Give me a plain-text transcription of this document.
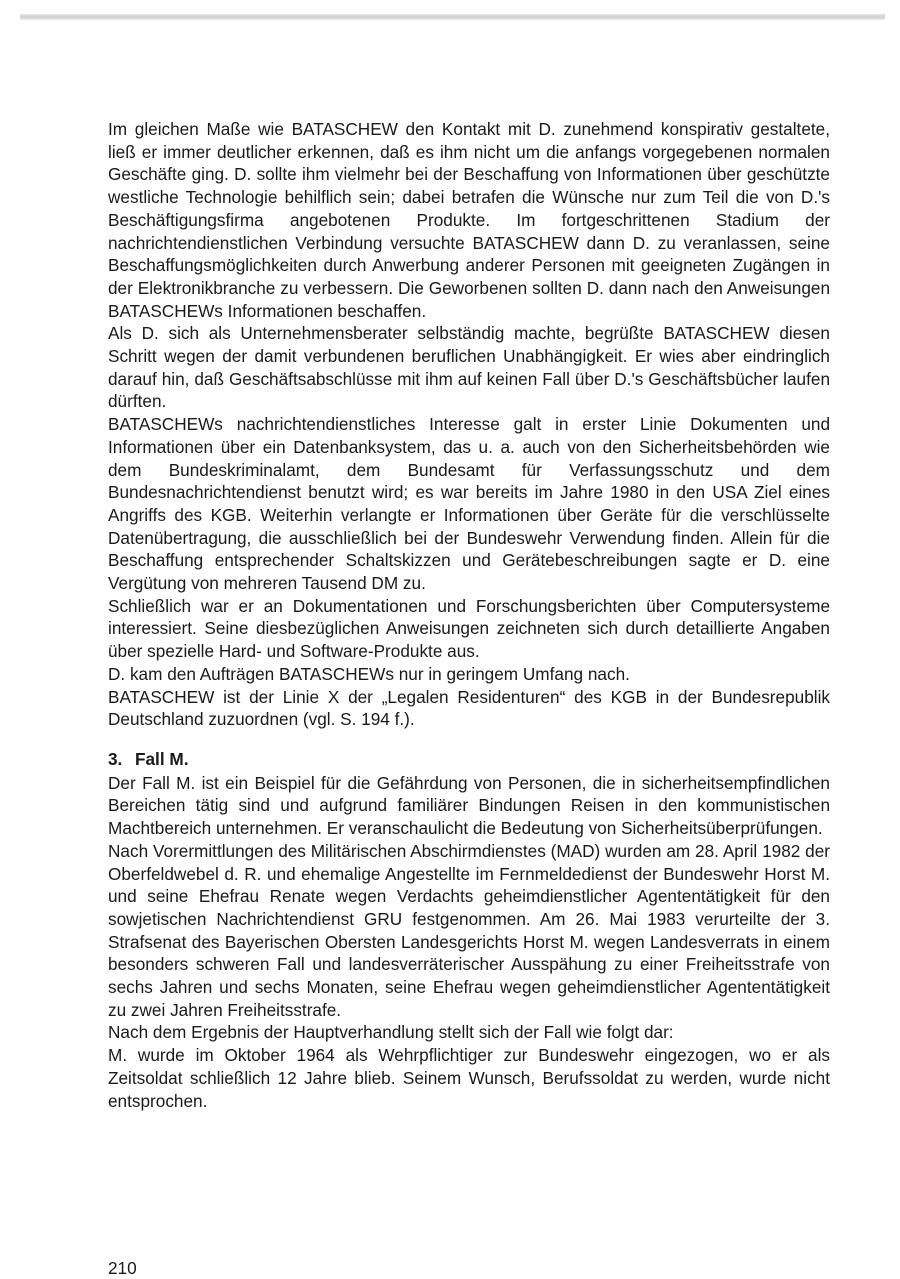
Im gleichen Maße wie BATASCHEW den Kontakt mit D. zunehmend konspirativ gestaltete, ließ er immer deutlicher erkennen, daß es ihm nicht um die anfangs vorgegebenen normalen Geschäfte ging. D. sollte ihm vielmehr bei der Beschaffung von Informationen über geschützte westliche Technologie behilflich sein; dabei betrafen die Wünsche nur zum Teil die von D.'s Beschäftigungsfirma angebotenen Produkte. Im fortgeschrittenen Stadium der nachrichtendienstlichen Verbindung versuchte BATASCHEW dann D. zu veranlassen, seine Beschaffungsmöglichkeiten durch Anwerbung anderer Personen mit geeigneten Zugängen in der Elektronikbranche zu verbessern. Die Geworbenen sollten D. dann nach den Anweisungen BATASCHEWs Informationen beschaffen.

Als D. sich als Unternehmensberater selbständig machte, begrüßte BATASCHEW diesen Schritt wegen der damit verbundenen beruflichen Unabhängigkeit. Er wies aber eindringlich darauf hin, daß Geschäftsabschlüsse mit ihm auf keinen Fall über D.'s Geschäftsbücher laufen dürften.

BATASCHEWs nachrichtendienstliches Interesse galt in erster Linie Dokumenten und Informationen über ein Datenbanksystem, das u. a. auch von den Sicherheitsbehörden wie dem Bundeskriminalamt, dem Bundesamt für Verfassungsschutz und dem Bundesnachrichtendienst benutzt wird; es war bereits im Jahre 1980 in den USA Ziel eines Angriffs des KGB. Weiterhin verlangte er Informationen über Geräte für die verschlüsselte Datenübertragung, die ausschließlich bei der Bundeswehr Verwendung finden. Allein für die Beschaffung entsprechender Schaltskizzen und Gerätebeschreibungen sagte er D. eine Vergütung von mehreren Tausend DM zu.

Schließlich war er an Dokumentationen und Forschungsberichten über Computersysteme interessiert. Seine diesbezüglichen Anweisungen zeichneten sich durch detaillierte Angaben über spezielle Hard- und Software-Produkte aus.

D. kam den Aufträgen BATASCHEWs nur in geringem Umfang nach.

BATASCHEW ist der Linie X der „Legalen Residenturen“ des KGB in der Bundesrepublik Deutschland zuzuordnen (vgl. S. 194 f.).

3. Fall M.

Der Fall M. ist ein Beispiel für die Gefährdung von Personen, die in sicherheitsempfindlichen Bereichen tätig sind und aufgrund familiärer Bindungen Reisen in den kommunistischen Machtbereich unternehmen. Er veranschaulicht die Bedeutung von Sicherheitsüberprüfungen.

Nach Vorermittlungen des Militärischen Abschirmdienstes (MAD) wurden am 28. April 1982 der Oberfeldwebel d. R. und ehemalige Angestellte im Fernmeldedienst der Bundeswehr Horst M. und seine Ehefrau Renate wegen Verdachts geheimdienstlicher Agententätigkeit für den sowjetischen Nachrichtendienst GRU festgenommen. Am 26. Mai 1983 verurteilte der 3. Strafsenat des Bayerischen Obersten Landesgerichts Horst M. wegen Landesverrats in einem besonders schweren Fall und landesverräterischer Ausspähung zu einer Freiheitsstrafe von sechs Jahren und sechs Monaten, seine Ehefrau wegen geheimdienstlicher Agententätigkeit zu zwei Jahren Freiheitsstrafe.

Nach dem Ergebnis der Hauptverhandlung stellt sich der Fall wie folgt dar:

M. wurde im Oktober 1964 als Wehrpflichtiger zur Bundeswehr eingezogen, wo er als Zeitsoldat schließlich 12 Jahre blieb. Seinem Wunsch, Berufssoldat zu werden, wurde nicht entsprochen.

210
